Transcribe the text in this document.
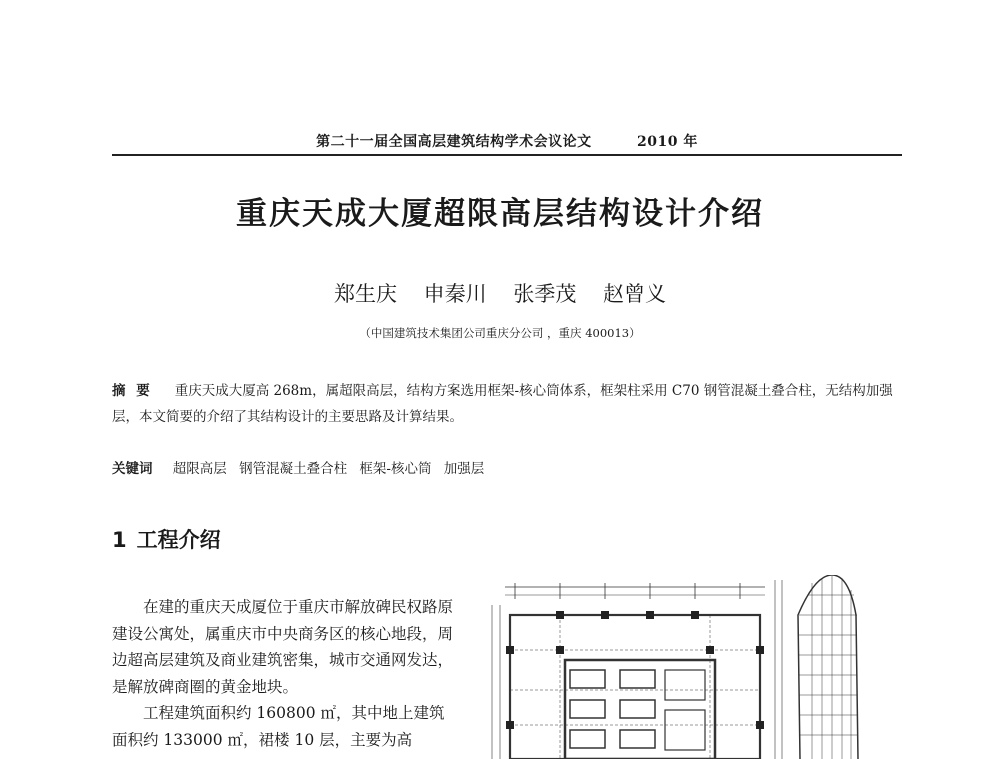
第二十一届全国高层建筑结构学术会议论文	2010 年
重庆天成大厦超限高层结构设计介绍
郑生庆 申秦川 张季茂 赵曾义
（中国建筑技术集团公司重庆分公司 ，重庆 400013）
摘 要 重庆天成大厦高 268m，属超限高层，结构方案选用框架-核心筒体系，框架柱采用 C70 钢管混凝土叠合柱，无结构加强层，本文简要的介绍了其结构设计的主要思路及计算结果。
关键词 超限高层 钢管混凝土叠合柱 框架-核心筒 加强层
1 工程介绍

在建的重庆天成厦位于重庆市解放碑民权路原建设公寓处，属重庆市中央商务区的核心地段，周边超高层建筑及商业建筑密集，城市交通网发达，是解放碑商圈的黄金地块。

工程建筑面积约 160800 ㎡，其中地上建筑面积约 133000 ㎡，裙楼 10 层，主要为高
